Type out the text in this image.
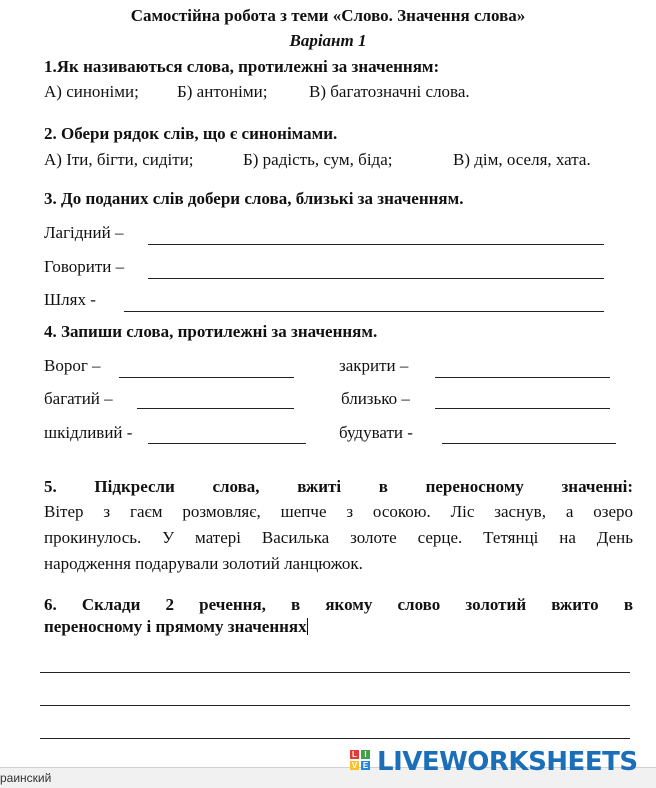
Самостійна робота з теми «Слово. Значення слова»
Варіант 1
1.Як називаються слова, протилежні за значенням:
А) синоніми; Б) антоніми; В) багатозначні слова.
2. Обери рядок слів, що є синонімами.
А) Іти, бігти, сидіти;	Б) радість, сум, біда;	В) дім, оселя, хата.
3. До поданих слів добери слова, близькі за значенням.
Лагідний –
Говорити –
Шлях -
4. Запиши слова, протилежні за значенням.
Ворог –	закрити –
багатий –	близько –
шкідливий -	будувати -
5. Підкресли слова, вжиті в переносному значенні:
Вітер з гаєм розмовляє, шепче з осокою. Ліс заснув, а озеро
прокинулось. У матері Василька золоте серце. Тетянці на День
народження подарували золотий ланцюжок.
6. Склади 2 речення, в якому слово золотий вжито в
переносному і прямому значеннях
раинский
L I
V E LIVEWORKSHEETS
